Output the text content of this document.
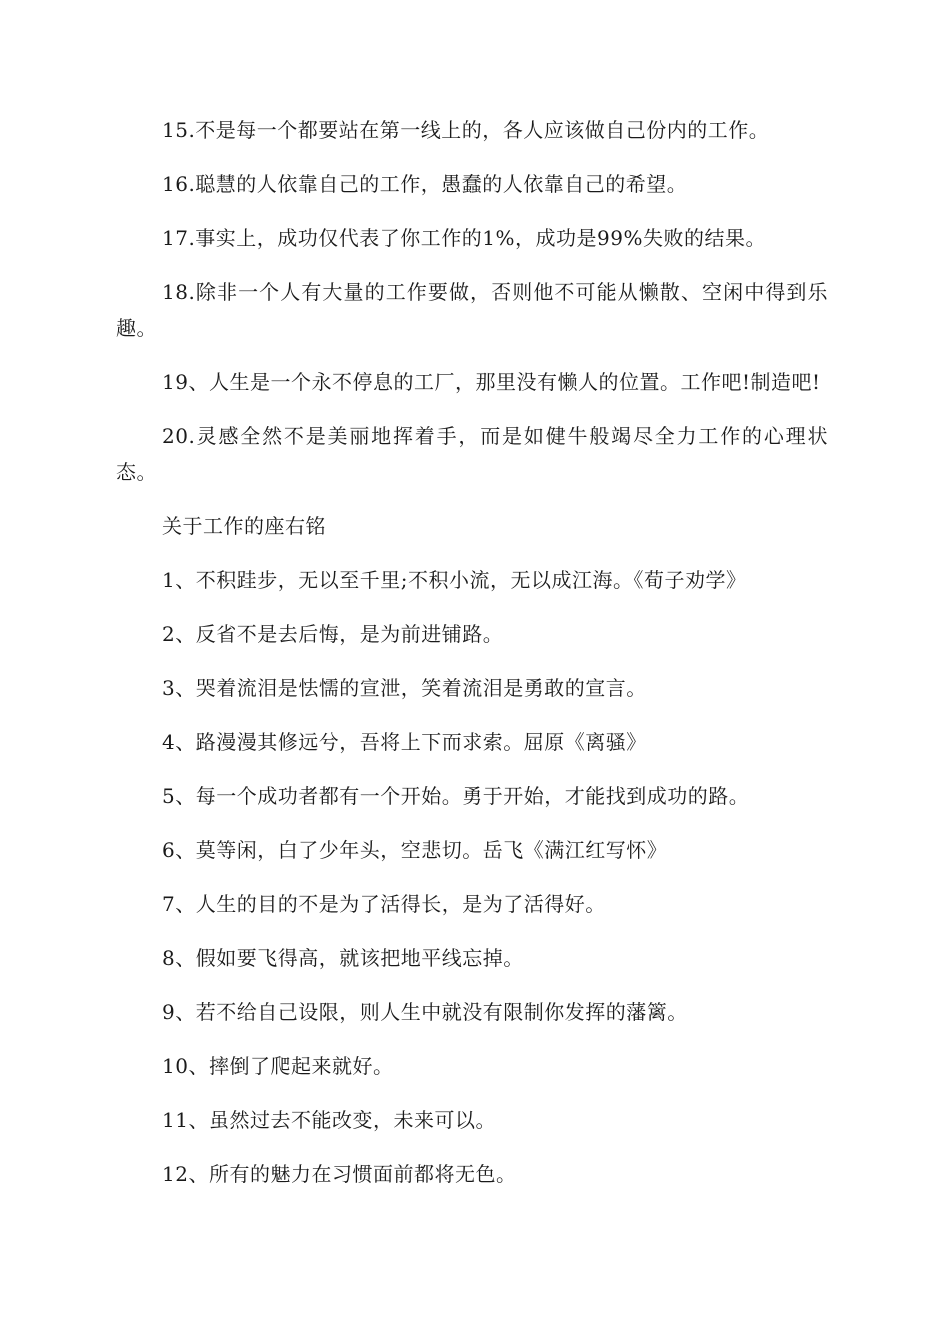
15.不是每一个都要站在第一线上的，各人应该做自己份内的工作。

16.聪慧的人依靠自己的工作，愚蠢的人依靠自己的希望。

17.事实上，成功仅代表了你工作的1%，成功是99%失败的结果。

18.除非一个人有大量的工作要做，否则他不可能从懒散、空闲中得到乐趣。

19、人生是一个永不停息的工厂，那里没有懒人的位置。工作吧!制造吧!

20.灵感全然不是美丽地挥着手，而是如健牛般竭尽全力工作的心理状态。

关于工作的座右铭

1、不积跬步，无以至千里;不积小流，无以成江海。《荀子劝学》

2、反省不是去后悔，是为前进铺路。

3、哭着流泪是怯懦的宣泄，笑着流泪是勇敢的宣言。

4、路漫漫其修远兮，吾将上下而求索。屈原《离骚》

5、每一个成功者都有一个开始。勇于开始，才能找到成功的路。

6、莫等闲，白了少年头，空悲切。岳飞《满江红写怀》

7、人生的目的不是为了活得长，是为了活得好。

8、假如要飞得高，就该把地平线忘掉。

9、若不给自己设限，则人生中就没有限制你发挥的藩篱。

10、摔倒了爬起来就好。

11、虽然过去不能改变，未来可以。

12、所有的魅力在习惯面前都将无色。
